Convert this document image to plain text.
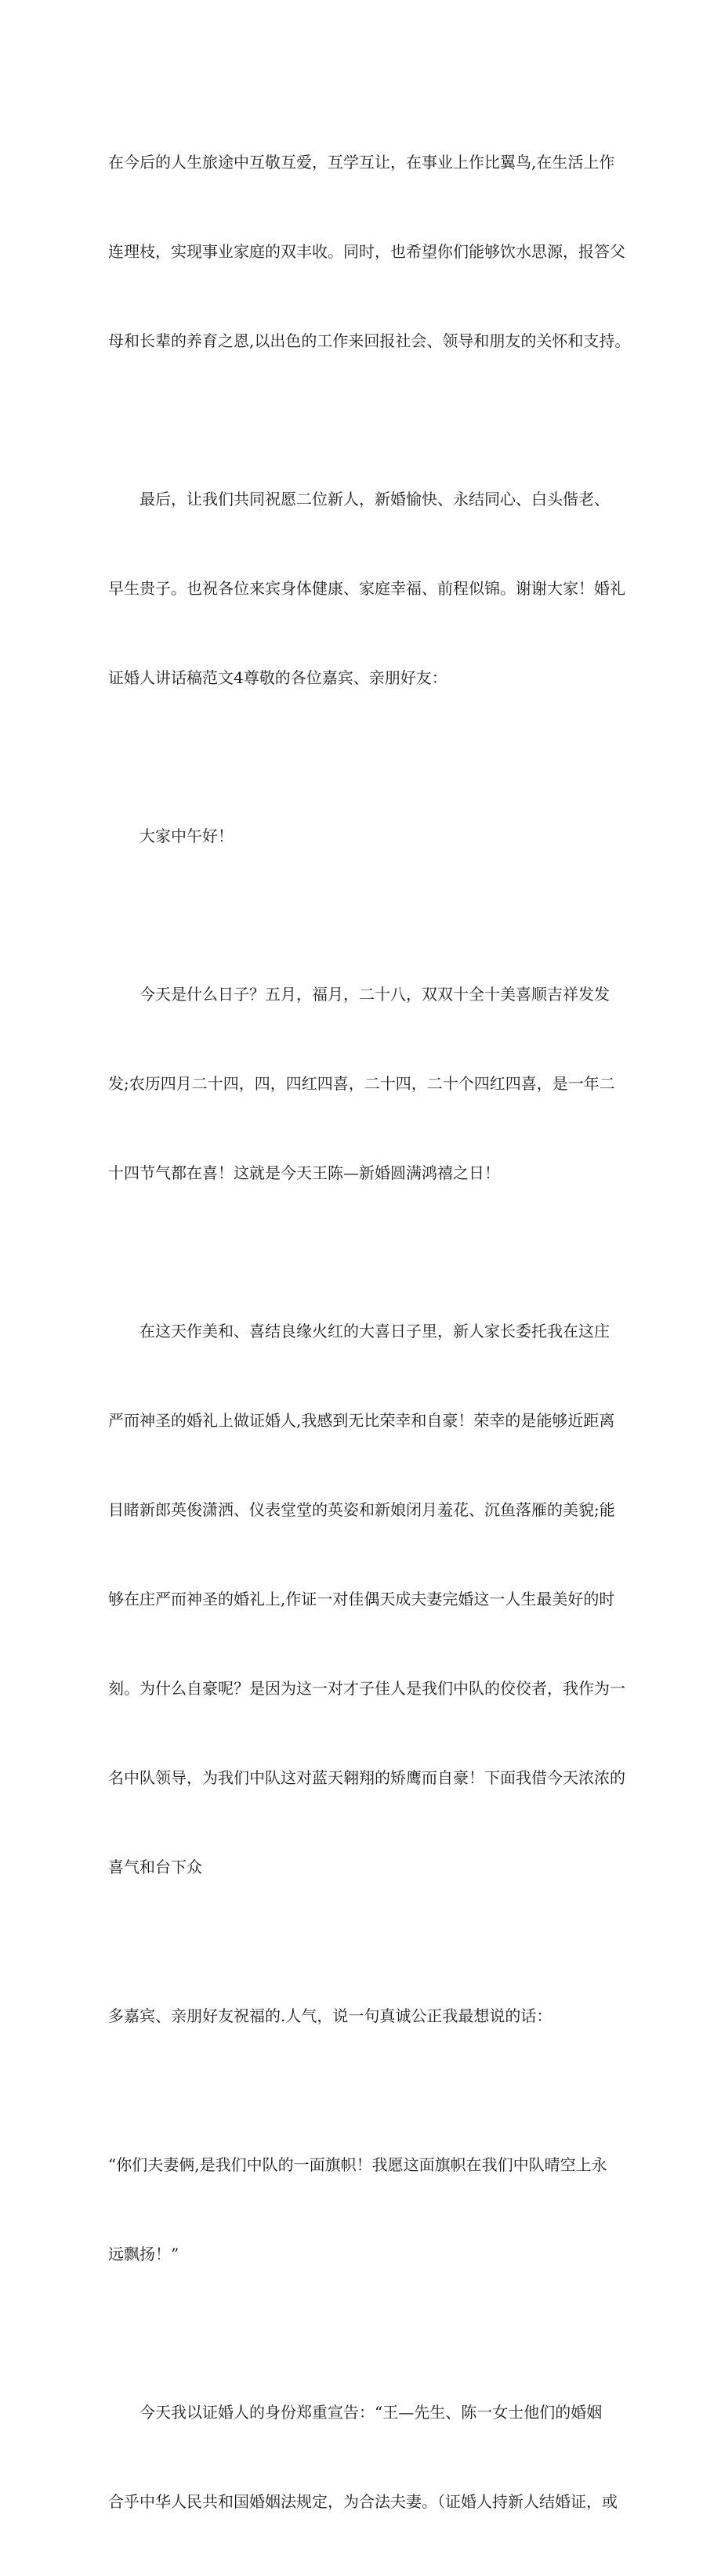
在今后的人生旅途中互敬互爱，互学互让，在事业上作比翼鸟,在生活上作

连理枝，实现事业家庭的双丰收。同时，也希望你们能够饮水思源，报答父

母和长辈的养育之恩,以出色的工作来回报社会、领导和朋友的关怀和支持。

最后，让我们共同祝愿二位新人，新婚愉快、永结同心、白头偕老、

早生贵子。也祝各位来宾身体健康、家庭幸福、前程似锦。谢谢大家！婚礼

证婚人讲话稿范文4尊敬的各位嘉宾、亲朋好友：

大家中午好！

今天是什么日子？五月，福月，二十八，双双十全十美喜顺吉祥发发

发;农历四月二十四，四，四红四喜，二十四，二十个四红四喜，是一年二

十四节气都在喜！这就是今天王陈—新婚圆满鸿禧之日！

在这天作美和、喜结良缘火红的大喜日子里，新人家长委托我在这庄

严而神圣的婚礼上做证婚人,我感到无比荣幸和自豪！荣幸的是能够近距离

目睹新郎英俊潇洒、仪表堂堂的英姿和新娘闭月羞花、沉鱼落雁的美貌;能

够在庄严而神圣的婚礼上,作证一对佳偶天成夫妻完婚这一人生最美好的时

刻。为什么自豪呢？是因为这一对才子佳人是我们中队的佼佼者，我作为一

名中队领导，为我们中队这对蓝天翱翔的矫鹰而自豪！下面我借今天浓浓的

喜气和台下众

多嘉宾、亲朋好友祝福的.人气，说一句真诚公正我最想说的话：

“你们夫妻俩,是我们中队的一面旗帜！我愿这面旗帜在我们中队晴空上永

远飘扬！”

今天我以证婚人的身份郑重宣告：“王—先生、陈一女士他们的婚姻

合乎中华人民共和国婚姻法规定，为合法夫妻。（证婚人持新人结婚证，或
